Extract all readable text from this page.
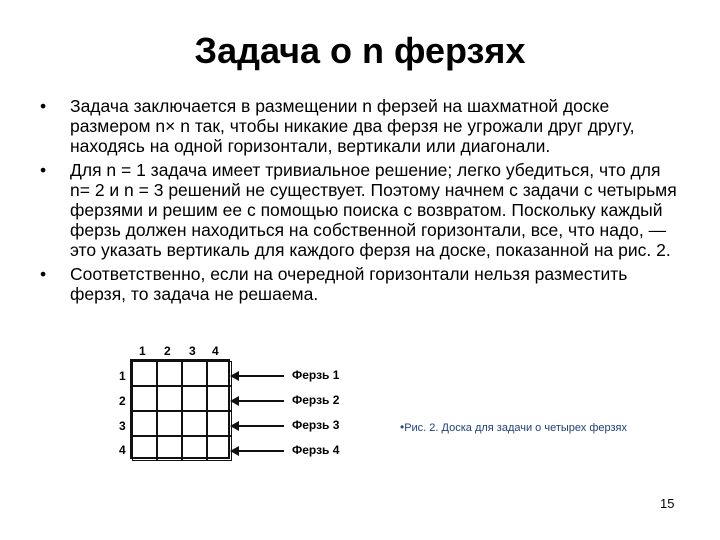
Задача о n ферзях
• Задача заключается в размещении n ферзей на шахматной доске размером n× n так, чтобы никакие два ферзя не угрожали друг другу, находясь на одной горизонтали, вертикали или диагонали.
• Для n = 1 задача имеет тривиальное решение; легко убедиться, что для n= 2 и n = 3 решений не существует. Поэтому начнем с задачи с четырьмя ферзями и решим ее с помощью поиска с возвратом. Поскольку каждый ферзь должен находиться на собственной горизонтали, все, что надо, — это указать вертикаль для каждого ферзя на доске, показанной на рис. 2.
• Соответственно, если на очередной горизонтали нельзя разместить ферзя, то задача не решаема.
1 2 3 4
1
2
3
4
Ферзь 1
Ферзь 2
Ферзь 3
Ферзь 4
•Рис. 2. Доска для задачи о четырех ферзях
15
